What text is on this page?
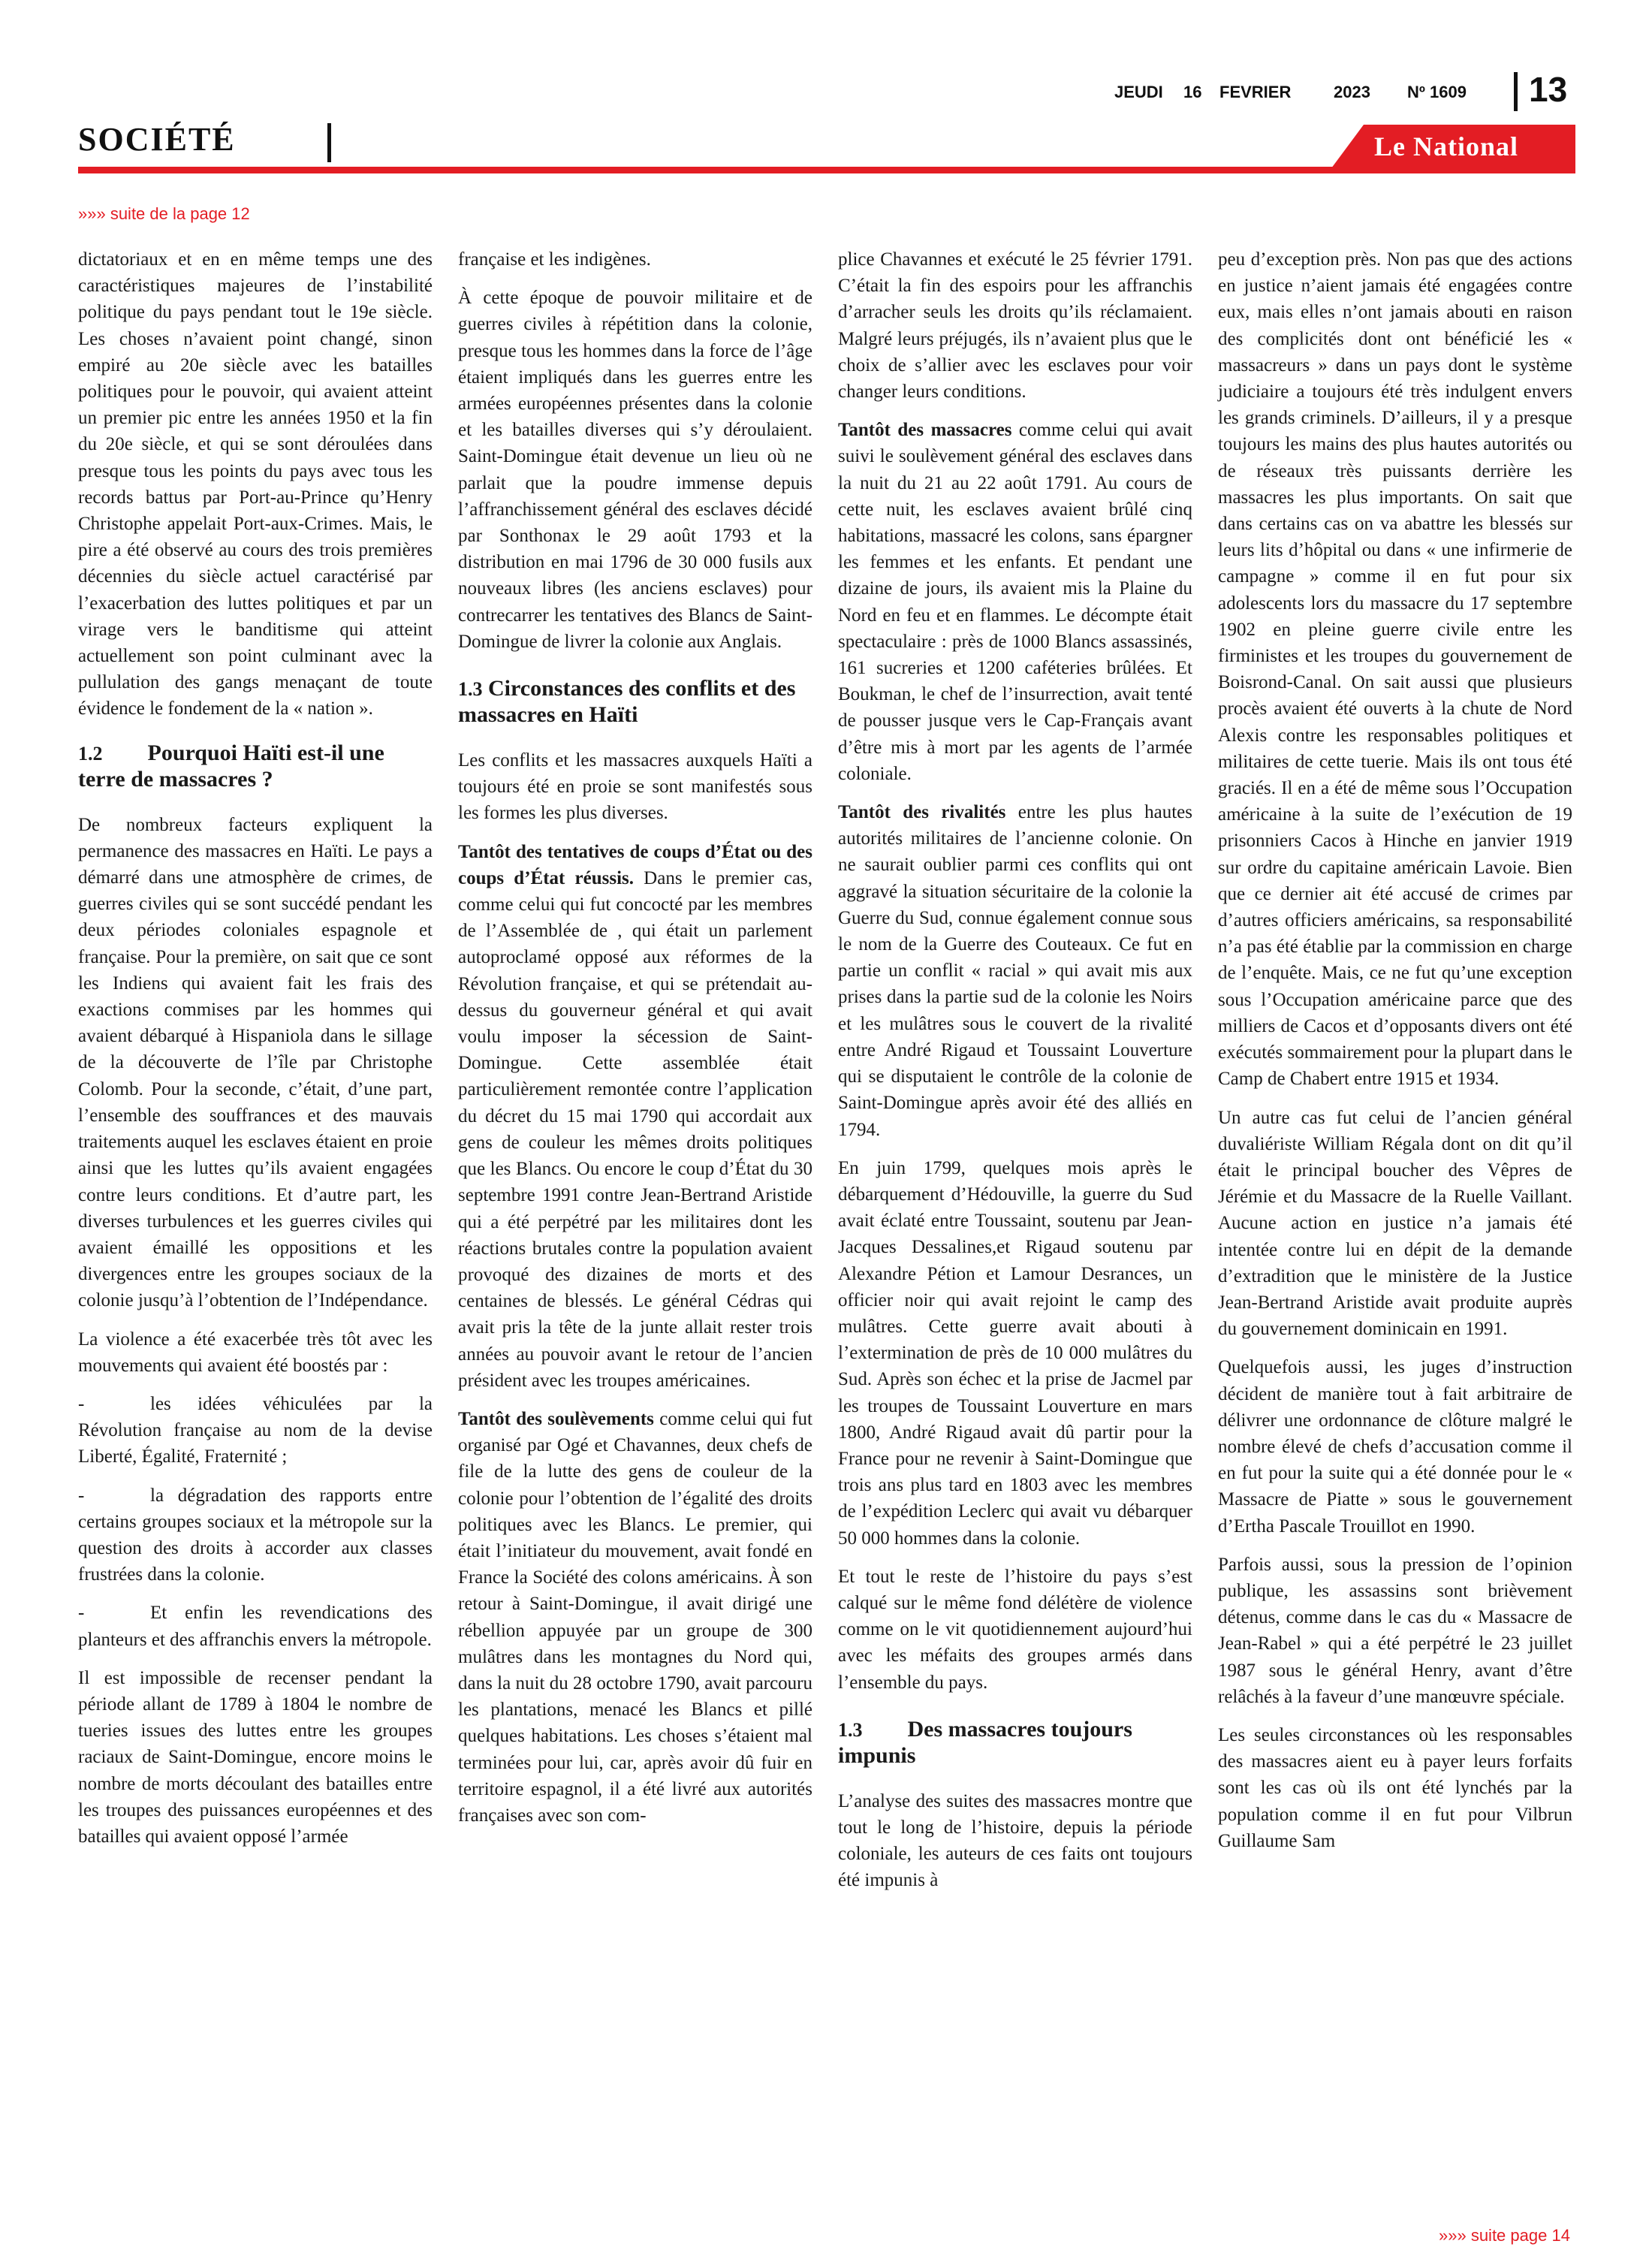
SOCIÉTÉ
JEUDI 16 FEVRIER	2023 Nº 1609 13
Le National
»»» suite de la page 12

dictatoriaux et en en même temps une des caractéristiques majeures de l’instabilité politique du pays pendant tout le 19e siècle. Les choses n’avaient point changé, sinon empiré au 20e siècle avec les batailles politiques pour le pouvoir, qui avaient atteint un premier pic entre les années 1950 et la fin du 20e siècle, et qui se sont déroulées dans presque tous les points du pays avec tous les records battus par Port-au-Prince qu’Henry Christophe appelait Port-aux-Crimes. Mais, le pire a été observé au cours des trois premières décennies du siècle actuel caractérisé par l’exacerbation des luttes politiques et par un virage vers le banditisme qui atteint actuellement son point culminant avec la pullulation des gangs menaçant de toute évidence le fondement de la « nation ».

1.2 Pourquoi Haïti est-il une terre de massacres ?

De nombreux facteurs expliquent la permanence des massacres en Haïti. Le pays a démarré dans une atmosphère de crimes, de guerres civiles qui se sont succédé pendant les deux périodes coloniales espagnole et française. Pour la première, on sait que ce sont les Indiens qui avaient fait les frais des exactions commises par les hommes qui avaient débarqué à Hispaniola dans le sillage de la découverte de l’île par Christophe Colomb. Pour la seconde, c’était, d’une part, l’ensemble des souffrances et des mauvais traitements auquel les esclaves étaient en proie ainsi que les luttes qu’ils avaient engagées contre leurs conditions. Et d’autre part, les diverses turbulences et les guerres civiles qui avaient émaillé les oppositions et les divergences entre les groupes sociaux de la colonie jusqu’à l’obtention de l’Indépendance.

La violence a été exacerbée très tôt avec les mouvements qui avaient été boostés par :

-	les idées véhiculées par la Révolution française au nom de la devise Liberté, Égalité, Fraternité ;

-	la dégradation des rapports entre certains groupes sociaux et la métropole sur la question des droits à accorder aux classes frustrées dans la colonie.

-	Et enfin les revendications des planteurs et des affranchis envers la métropole.

Il est impossible de recenser pendant la période allant de 1789 à 1804 le nombre de tueries issues des luttes entre les groupes raciaux de Saint-Domingue, encore moins le nombre de morts découlant des batailles entre les troupes des puissances européennes et des batailles qui avaient opposé l’armée

française et les indigènes.

À cette époque de pouvoir militaire et de guerres civiles à répétition dans la colonie, presque tous les hommes dans la force de l’âge étaient impliqués dans les guerres entre les armées européennes présentes dans la colonie et les batailles diverses qui s’y déroulaient. Saint-Domingue était devenue un lieu où ne parlait que la poudre immense depuis l’affranchissement général des esclaves décidé par Sonthonax le 29 août 1793 et la distribution en mai 1796 de 30 000 fusils aux nouveaux libres (les anciens esclaves) pour contrecarrer les tentatives des Blancs de Saint-Domingue de livrer la colonie aux Anglais.

1.3 Circonstances des conflits et des massacres en Haïti

Les conflits et les massacres auxquels Haïti a toujours été en proie se sont manifestés sous les formes les plus diverses.

Tantôt des tentatives de coups d’État ou des coups d’État réussis. Dans le premier cas, comme celui qui fut concocté par les membres de l’Assemblée de , qui était un parlement autoproclamé opposé aux réformes de la Révolution française, et qui se prétendait au-dessus du gouverneur général et qui avait voulu imposer la sécession de Saint-Domingue. Cette assemblée était particulièrement remontée contre l’application du décret du 15 mai 1790 qui accordait aux gens de couleur les mêmes droits politiques que les Blancs. Ou encore le coup d’État du 30 septembre 1991 contre Jean-Bertrand Aristide qui a été perpétré par les militaires dont les réactions brutales contre la population avaient provoqué des dizaines de morts et des centaines de blessés. Le général Cédras qui avait pris la tête de la junte allait rester trois années au pouvoir avant le retour de l’ancien président avec les troupes américaines.

Tantôt des soulèvements comme celui qui fut organisé par Ogé et Chavannes, deux chefs de file de la lutte des gens de couleur de la colonie pour l’obtention de l’égalité des droits politiques avec les Blancs. Le premier, qui était l’initiateur du mouvement, avait fondé en France la Société des colons américains. À son retour à Saint-Domingue, il avait dirigé une rébellion appuyée par un groupe de 300 mulâtres dans les montagnes du Nord qui, dans la nuit du 28 octobre 1790, avait parcouru les plantations, menacé les Blancs et pillé quelques habitations. Les choses s’étaient mal terminées pour lui, car, après avoir dû fuir en territoire espagnol, il a été livré aux autorités françaises avec son com-

plice Chavannes et exécuté le 25 février 1791. C’était la fin des espoirs pour les affranchis d’arracher seuls les droits qu’ils réclamaient. Malgré leurs préjugés, ils n’avaient plus que le choix de s’allier avec les esclaves pour voir changer leurs conditions.

Tantôt des massacres comme celui qui avait suivi le soulèvement général des esclaves dans la nuit du 21 au 22 août 1791. Au cours de cette nuit, les esclaves avaient brûlé cinq habitations, massacré les colons, sans épargner les femmes et les enfants. Et pendant une dizaine de jours, ils avaient mis la Plaine du Nord en feu et en flammes. Le décompte était spectaculaire : près de 1000 Blancs assassinés, 161 sucreries et 1200 caféteries brûlées. Et Boukman, le chef de l’insurrection, avait tenté de pousser jusque vers le Cap-Français avant d’être mis à mort par les agents de l’armée coloniale.

Tantôt des rivalités entre les plus hautes autorités militaires de l’ancienne colonie. On ne saurait oublier parmi ces conflits qui ont aggravé la situation sécuritaire de la colonie la Guerre du Sud, connue également connue sous le nom de la Guerre des Couteaux. Ce fut en partie un conflit « racial » qui avait mis aux prises dans la partie sud de la colonie les Noirs et les mulâtres sous le couvert de la rivalité entre André Rigaud et Toussaint Louverture qui se disputaient le contrôle de la colonie de Saint-Domingue après avoir été des alliés en 1794.

En juin 1799, quelques mois après le débarquement d’Hédouville, la guerre du Sud avait éclaté entre Toussaint, soutenu par Jean-Jacques Dessalines,et Rigaud soutenu par Alexandre Pétion et Lamour Desrances, un officier noir qui avait rejoint le camp des mulâtres. Cette guerre avait abouti à l’extermination de près de 10 000 mulâtres du Sud. Après son échec et la prise de Jacmel par les troupes de Toussaint Louverture en mars 1800, André Rigaud avait dû partir pour la France pour ne revenir à Saint-Domingue que trois ans plus tard en 1803 avec les membres de l’expédition Leclerc qui avait vu débarquer 50 000 hommes dans la colonie.

Et tout le reste de l’histoire du pays s’est calqué sur le même fond délétère de violence comme on le vit quotidiennement aujourd’hui avec les méfaits des groupes armés dans l’ensemble du pays.

1.3 Des massacres toujours impunis

L’analyse des suites des massacres montre que tout le long de l’histoire, depuis la période coloniale, les auteurs de ces faits ont toujours été impunis à

peu d’exception près. Non pas que des actions en justice n’aient jamais été engagées contre eux, mais elles n’ont jamais abouti en raison des complicités dont ont bénéficié les « massacreurs » dans un pays dont le système judiciaire a toujours été très indulgent envers les grands criminels. D’ailleurs, il y a presque toujours les mains des plus hautes autorités ou de réseaux très puissants derrière les massacres les plus importants. On sait que dans certains cas on va abattre les blessés sur leurs lits d’hôpital ou dans « une infirmerie de campagne » comme il en fut pour six adolescents lors du massacre du 17 septembre 1902 en pleine guerre civile entre les firministes et les troupes du gouvernement de Boisrond-Canal. On sait aussi que plusieurs procès avaient été ouverts à la chute de Nord Alexis contre les responsables politiques et militaires de cette tuerie. Mais ils ont tous été graciés. Il en a été de même sous l’Occupation américaine à la suite de l’exécution de 19 prisonniers Cacos à Hinche en janvier 1919 sur ordre du capitaine américain Lavoie. Bien que ce dernier ait été accusé de crimes par d’autres officiers américains, sa responsabilité n’a pas été établie par la commission en charge de l’enquête. Mais, ce ne fut qu’une exception sous l’Occupation américaine parce que des milliers de Cacos et d’opposants divers ont été exécutés sommairement pour la plupart dans le Camp de Chabert entre 1915 et 1934.

Un autre cas fut celui de l’ancien général duvaliériste William Régala dont on dit qu’il était le principal boucher des Vêpres de Jérémie et du Massacre de la Ruelle Vaillant. Aucune action en justice n’a jamais été intentée contre lui en dépit de la demande d’extradition que le ministère de la Justice Jean-Bertrand Aristide avait produite auprès du gouvernement dominicain en 1991.

Quelquefois aussi, les juges d’instruction décident de manière tout à fait arbitraire de délivrer une ordonnance de clôture malgré le nombre élevé de chefs d’accusation comme il en fut pour la suite qui a été donnée pour le « Massacre de Piatte » sous le gouvernement d’Ertha Pascale Trouillot en 1990.

Parfois aussi, sous la pression de l’opinion publique, les assassins sont brièvement détenus, comme dans le cas du « Massacre de Jean-Rabel » qui a été perpétré le 23 juillet 1987 sous le général Henry, avant d’être relâchés à la faveur d’une manœuvre spéciale.

Les seules circonstances où les responsables des massacres aient eu à payer leurs forfaits sont les cas où ils ont été lynchés par la population comme il en fut pour Vilbrun Guillaume Sam

»»» suite page 14
